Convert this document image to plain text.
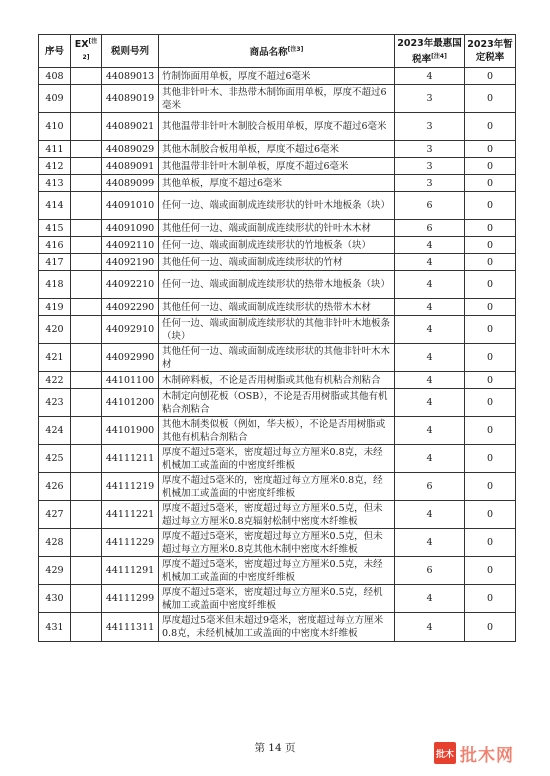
序号	EX[注2]	税则号列	商品名称[注3]	2023年最惠国税率[注4]	2023年暂定税率
408		44089013	竹制饰面用单板，厚度不超过6毫米	4	0
409		44089019	其他非针叶木、非热带木制饰面用单板，厚度不超过6毫米	3	0
410		44089021	其他温带非针叶木制胶合板用单板，厚度不超过6毫米	3	0
411		44089029	其他木制胶合板用单板，厚度不超过6毫米	3	0
412		44089091	其他温带非针叶木制单板，厚度不超过6毫米	3	0
413		44089099	其他单板，厚度不超过6毫米	3	0
414		44091010	任何一边、端或面制成连续形状的针叶木地板条（块）	6	0
415		44091090	其他任何一边、端或面制成连续形状的针叶木木材	6	0
416		44092110	任何一边、端或面制成连续形状的竹地板条（块）	4	0
417		44092190	其他任何一边、端或面制成连续形状的竹材	4	0
418		44092210	任何一边、端或面制成连续形状的热带木地板条（块）	4	0
419		44092290	其他任何一边、端或面制成连续形状的热带木木材	4	0
420		44092910	任何一边、端或面制成连续形状的其他非针叶木地板条（块）	4	0
421		44092990	其他任何一边、端或面制成连续形状的其他非针叶木木材	4	0
422		44101100	木制碎料板，不论是否用树脂或其他有机粘合剂粘合	4	0
423		44101200	木制定向刨花板（OSB），不论是否用树脂或其他有机粘合剂粘合	4	0
424		44101900	其他木制类似板（例如，华夫板），不论是否用树脂或其他有机粘合剂粘合	4	0
425		44111211	厚度不超过5毫米，密度超过每立方厘米0.8克，未经机械加工或盖面的中密度纤维板	4	0
426		44111219	厚度不超过5毫米的，密度超过每立方厘米0.8克，经机械加工或盖面的中密度纤维板	6	0
427		44111221	厚度不超过5毫米，密度超过每立方厘米0.5克，但未超过每立方厘米0.8克辐射松制中密度木纤维板	4	0
428		44111229	厚度不超过5毫米，密度超过每立方厘米0.5克，但未超过每立方厘米0.8克其他木制中密度木纤维板	4	0
429		44111291	厚度不超过5毫米，密度超过每立方厘米0.5克，未经机械加工或盖面的中密度纤维板	6	0
430		44111299	厚度不超过5毫米，密度超过每立方厘米0.5克，经机械加工或盖面中密度纤维板	4	0
431		44111311	厚度超过5毫米但未超过9毫米，密度超过每立方厘米0.8克，未经机械加工或盖面的中密度木纤维板	4	0
第 14 页
批木 批木网
